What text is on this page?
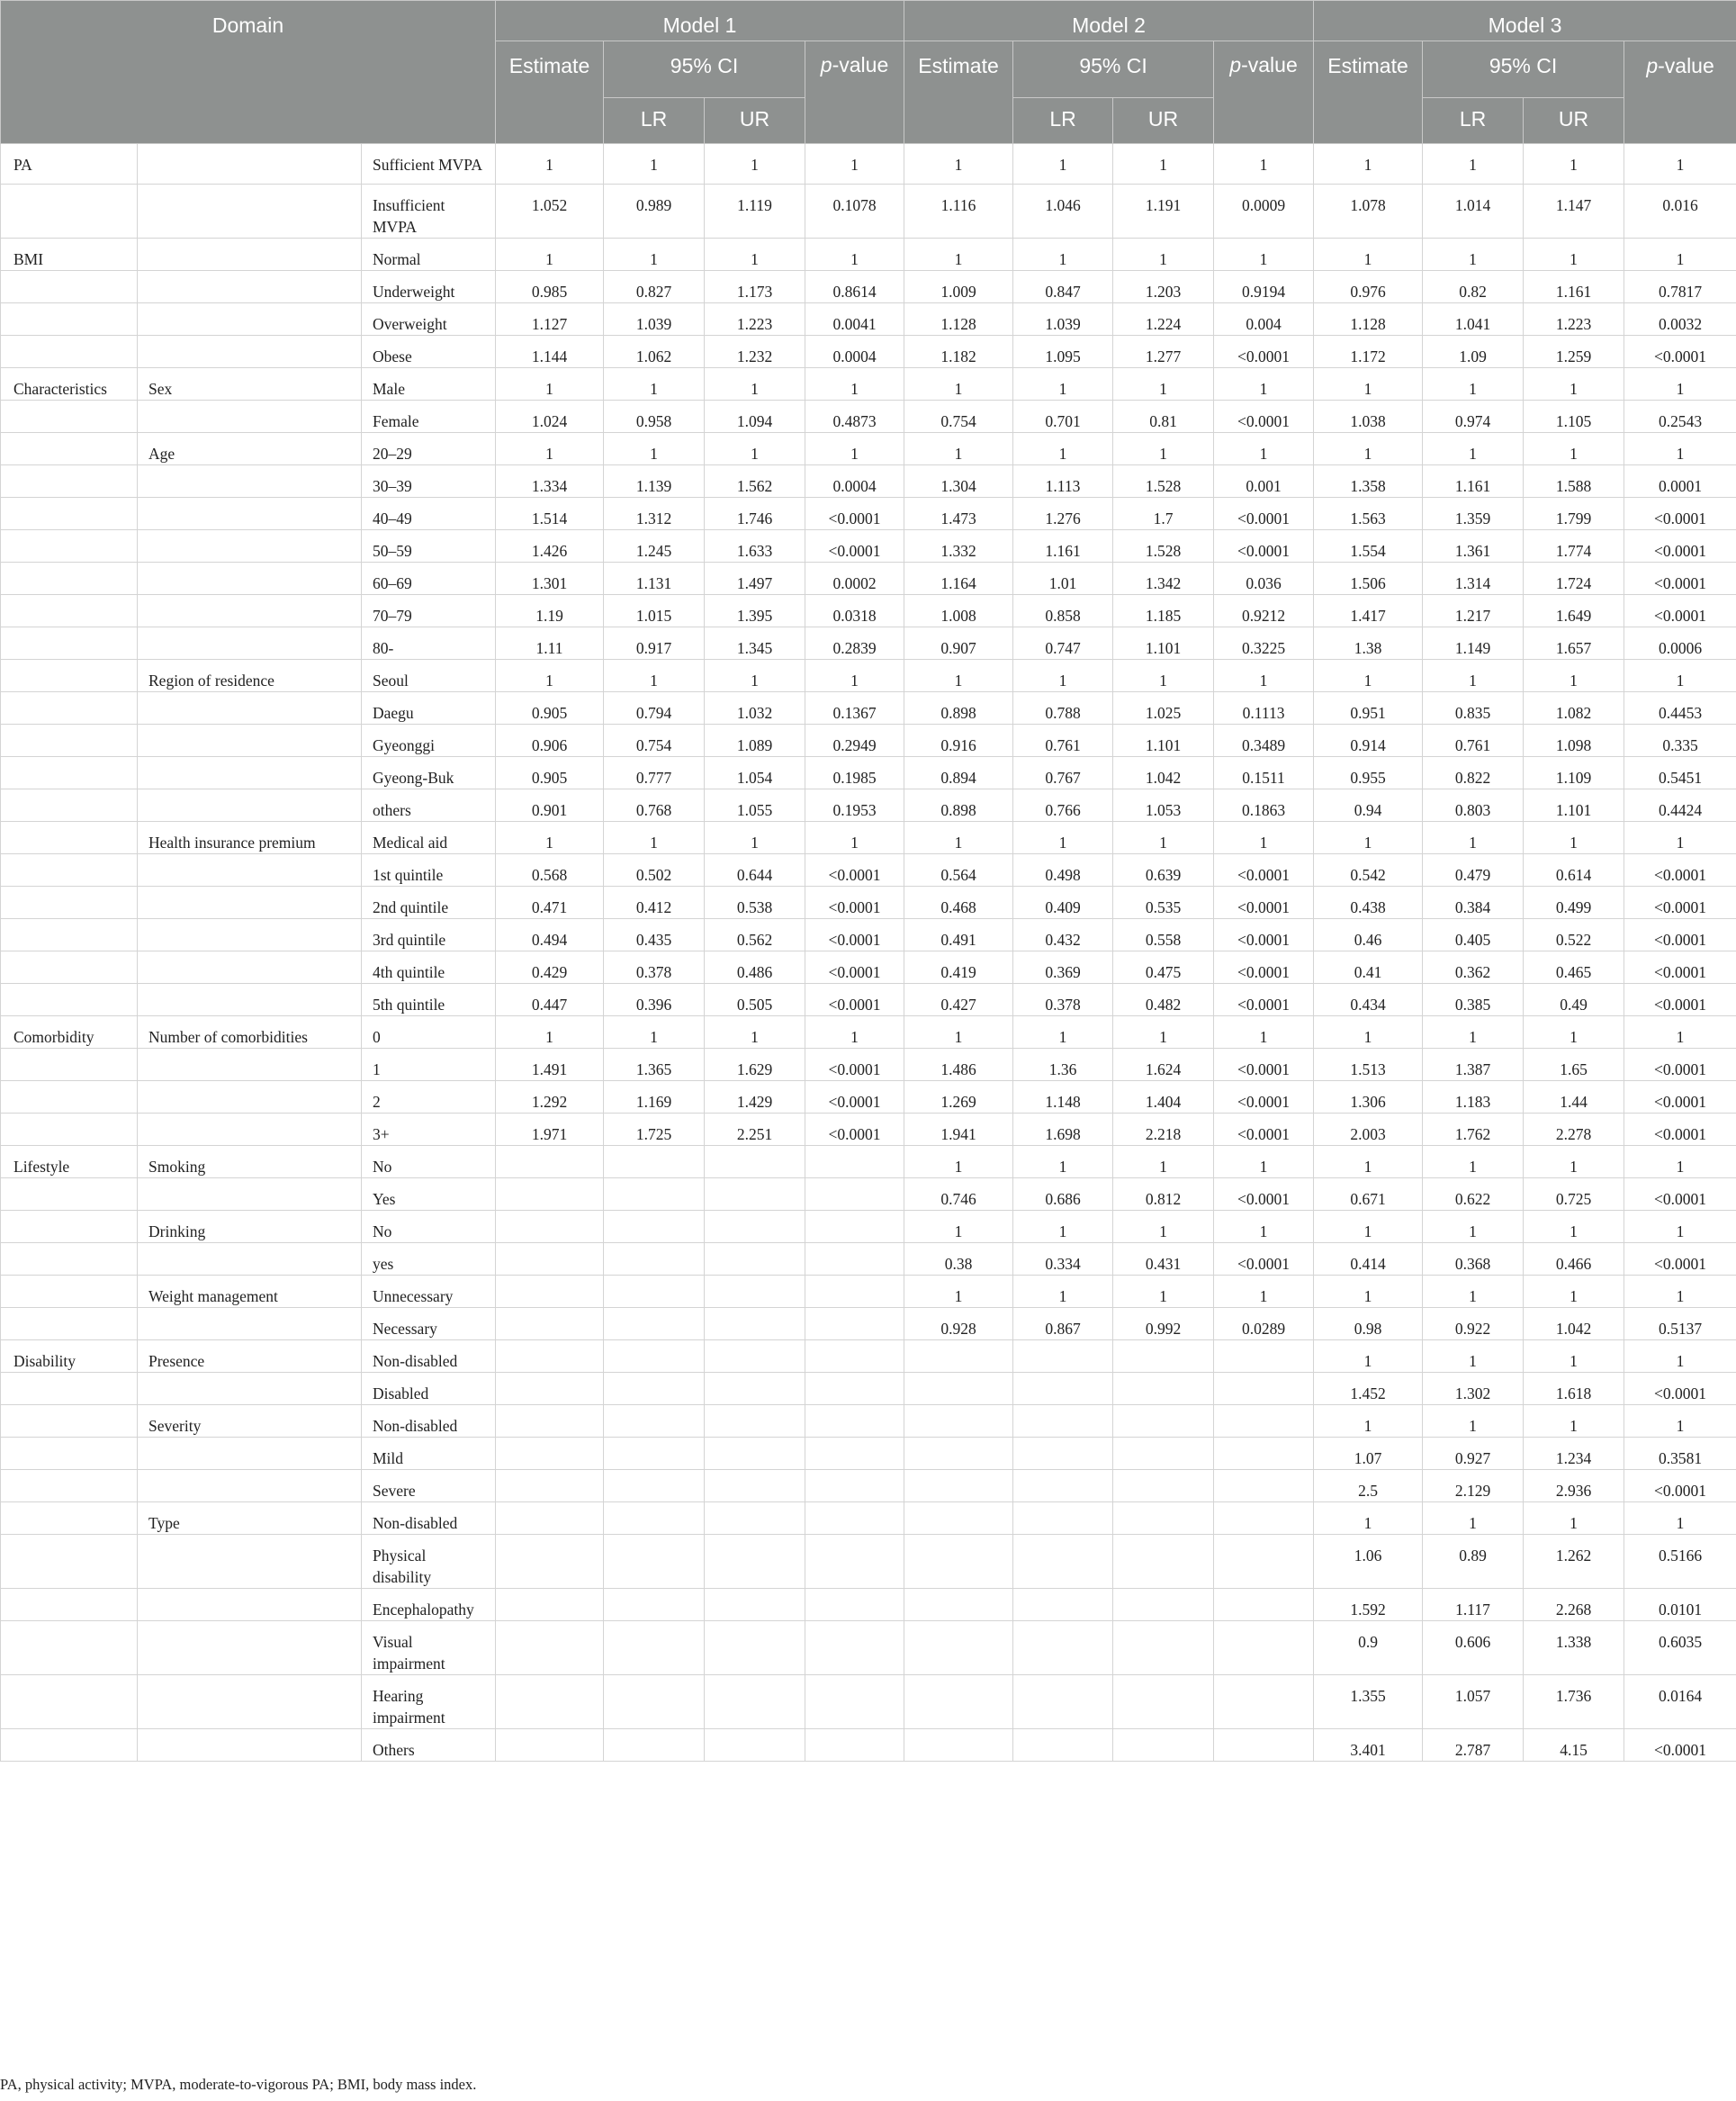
Domain			Model 1				Model 2				Model 3			
			Estimate	95% CI		p-value	Estimate	95% CI		p-value	Estimate	95% CI		p-value
				LR	UR			LR	UR			LR	UR	
PA		Sufficient MVPA	1	1	1	1	1	1	1	1	1	1	1	1
		Insufficient MVPA	1.052	0.989	1.119	0.1078	1.116	1.046	1.191	0.0009	1.078	1.014	1.147	0.016
BMI		Normal	1	1	1	1	1	1	1	1	1	1	1	1
		Underweight	0.985	0.827	1.173	0.8614	1.009	0.847	1.203	0.9194	0.976	0.82	1.161	0.7817
		Overweight	1.127	1.039	1.223	0.0041	1.128	1.039	1.224	0.004	1.128	1.041	1.223	0.0032
		Obese	1.144	1.062	1.232	0.0004	1.182	1.095	1.277	<0.0001	1.172	1.09	1.259	<0.0001
Characteristics	Sex	Male	1	1	1	1	1	1	1	1	1	1	1	1
		Female	1.024	0.958	1.094	0.4873	0.754	0.701	0.81	<0.0001	1.038	0.974	1.105	0.2543
	Age	20–29	1	1	1	1	1	1	1	1	1	1	1	1
		30–39	1.334	1.139	1.562	0.0004	1.304	1.113	1.528	0.001	1.358	1.161	1.588	0.0001
		40–49	1.514	1.312	1.746	<0.0001	1.473	1.276	1.7	<0.0001	1.563	1.359	1.799	<0.0001
		50–59	1.426	1.245	1.633	<0.0001	1.332	1.161	1.528	<0.0001	1.554	1.361	1.774	<0.0001
		60–69	1.301	1.131	1.497	0.0002	1.164	1.01	1.342	0.036	1.506	1.314	1.724	<0.0001
		70–79	1.19	1.015	1.395	0.0318	1.008	0.858	1.185	0.9212	1.417	1.217	1.649	<0.0001
		80-	1.11	0.917	1.345	0.2839	0.907	0.747	1.101	0.3225	1.38	1.149	1.657	0.0006
	Region of residence	Seoul	1	1	1	1	1	1	1	1	1	1	1	1
		Daegu	0.905	0.794	1.032	0.1367	0.898	0.788	1.025	0.1113	0.951	0.835	1.082	0.4453
		Gyeonggi	0.906	0.754	1.089	0.2949	0.916	0.761	1.101	0.3489	0.914	0.761	1.098	0.335
		Gyeong-Buk	0.905	0.777	1.054	0.1985	0.894	0.767	1.042	0.1511	0.955	0.822	1.109	0.5451
		others	0.901	0.768	1.055	0.1953	0.898	0.766	1.053	0.1863	0.94	0.803	1.101	0.4424
	Health insurance premium	Medical aid	1	1	1	1	1	1	1	1	1	1	1	1
		1st quintile	0.568	0.502	0.644	<0.0001	0.564	0.498	0.639	<0.0001	0.542	0.479	0.614	<0.0001
		2nd quintile	0.471	0.412	0.538	<0.0001	0.468	0.409	0.535	<0.0001	0.438	0.384	0.499	<0.0001
		3rd quintile	0.494	0.435	0.562	<0.0001	0.491	0.432	0.558	<0.0001	0.46	0.405	0.522	<0.0001
		4th quintile	0.429	0.378	0.486	<0.0001	0.419	0.369	0.475	<0.0001	0.41	0.362	0.465	<0.0001
		5th quintile	0.447	0.396	0.505	<0.0001	0.427	0.378	0.482	<0.0001	0.434	0.385	0.49	<0.0001
Comorbidity	Number of comorbidities	0	1	1	1	1	1	1	1	1	1	1	1	1
		1	1.491	1.365	1.629	<0.0001	1.486	1.36	1.624	<0.0001	1.513	1.387	1.65	<0.0001
		2	1.292	1.169	1.429	<0.0001	1.269	1.148	1.404	<0.0001	1.306	1.183	1.44	<0.0001
		3+	1.971	1.725	2.251	<0.0001	1.941	1.698	2.218	<0.0001	2.003	1.762	2.278	<0.0001
Lifestyle	Smoking	No					1	1	1	1	1	1	1	1
		Yes					0.746	0.686	0.812	<0.0001	0.671	0.622	0.725	<0.0001
	Drinking	No					1	1	1	1	1	1	1	1
		yes					0.38	0.334	0.431	<0.0001	0.414	0.368	0.466	<0.0001
	Weight management	Unnecessary					1	1	1	1	1	1	1	1
		Necessary					0.928	0.867	0.992	0.0289	0.98	0.922	1.042	0.5137
Disability	Presence	Non-disabled									1	1	1	1
		Disabled									1.452	1.302	1.618	<0.0001
	Severity	Non-disabled									1	1	1	1
		Mild									1.07	0.927	1.234	0.3581
		Severe									2.5	2.129	2.936	<0.0001
	Type	Non-disabled									1	1	1	1
		Physical disability									1.06	0.89	1.262	0.5166
		Encephalopathy									1.592	1.117	2.268	0.0101
		Visual impairment									0.9	0.606	1.338	0.6035
		Hearing impairment									1.355	1.057	1.736	0.0164
		Others									3.401	2.787	4.15	<0.0001
PA, physical activity; MVPA, moderate-to-vigorous PA; BMI, body mass index.
